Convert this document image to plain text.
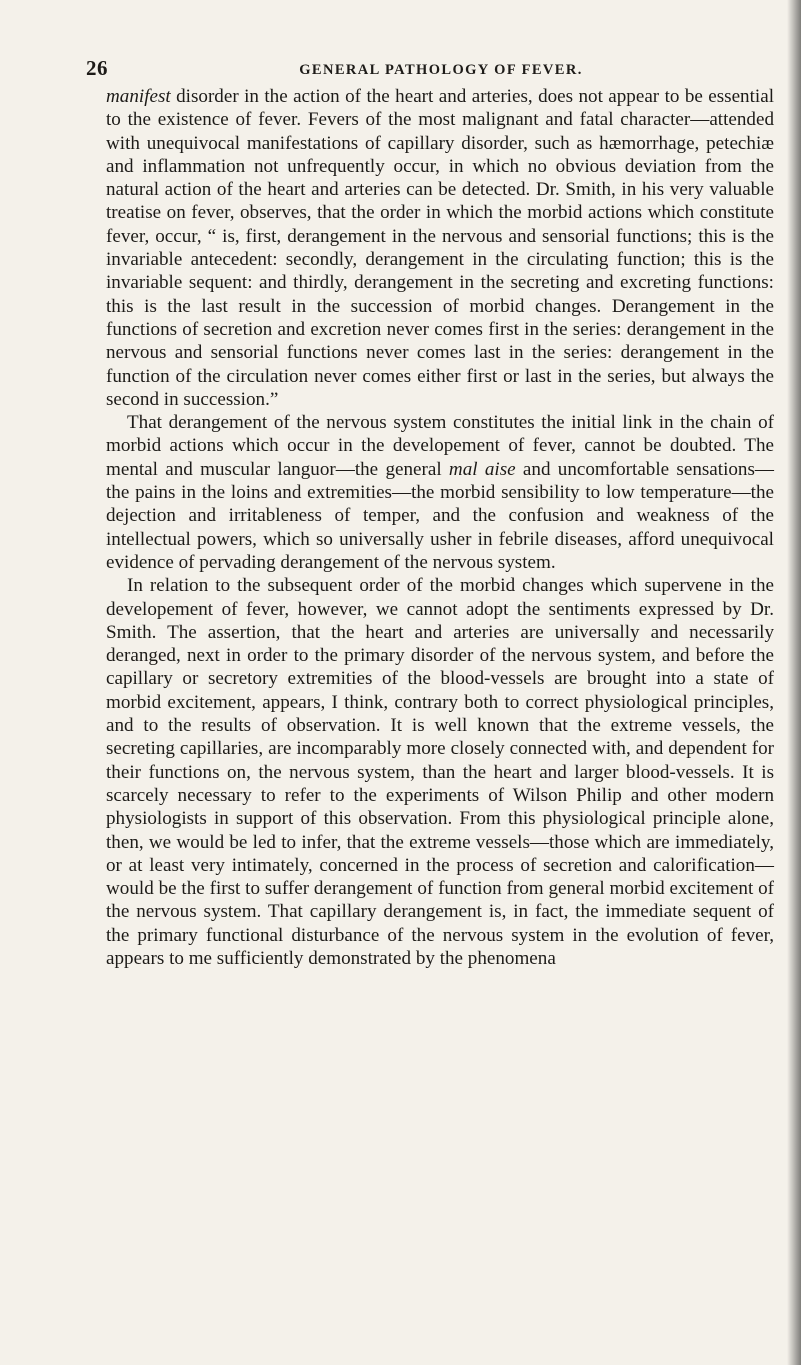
26	GENERAL PATHOLOGY OF FEVER.

manifest disorder in the action of the heart and arteries, does not appear to be essential to the existence of fever. Fevers of the most malignant and fatal character—attended with unequivocal manifestations of capillary disorder, such as hæmorrhage, petechiæ and inflammation not unfrequently occur, in which no obvious deviation from the natural action of the heart and arteries can be detected. Dr. Smith, in his very valuable treatise on fever, observes, that the order in which the morbid actions which constitute fever, occur, “ is, first, derangement in the nervous and sensorial functions; this is the invariable antecedent: secondly, derangement in the circulating function; this is the invariable sequent: and thirdly, derangement in the secreting and excreting functions: this is the last result in the succession of morbid changes. Derangement in the functions of secretion and excretion never comes first in the series: derangement in the nervous and sensorial functions never comes last in the series: derangement in the function of the circulation never comes either first or last in the series, but always the second in succession.”

That derangement of the nervous system constitutes the initial link in the chain of morbid actions which occur in the developement of fever, cannot be doubted. The mental and muscular languor—the general mal aise and uncomfortable sensations—the pains in the loins and extremities—the morbid sensibility to low temperature—the dejection and irritableness of temper, and the confusion and weakness of the intellectual powers, which so universally usher in febrile diseases, afford unequivocal evidence of pervading derangement of the nervous system.

In relation to the subsequent order of the morbid changes which supervene in the developement of fever, however, we cannot adopt the sentiments expressed by Dr. Smith. The assertion, that the heart and arteries are universally and necessarily deranged, next in order to the primary disorder of the nervous system, and before the capillary or secretory extremities of the blood-vessels are brought into a state of morbid excitement, appears, I think, contrary both to correct physiological principles, and to the results of observation. It is well known that the extreme vessels, the secreting capillaries, are incomparably more closely connected with, and dependent for their functions on, the nervous system, than the heart and larger blood-vessels. It is scarcely necessary to refer to the experiments of Wilson Philip and other modern physiologists in support of this observation. From this physiological principle alone, then, we would be led to infer, that the extreme vessels—those which are immediately, or at least very intimately, concerned in the process of secretion and calorification—would be the first to suffer derangement of function from general morbid excitement of the nervous system. That capillary derangement is, in fact, the immediate sequent of the primary functional disturbance of the nervous system in the evolution of fever, appears to me sufficiently demonstrated by the phenomena
